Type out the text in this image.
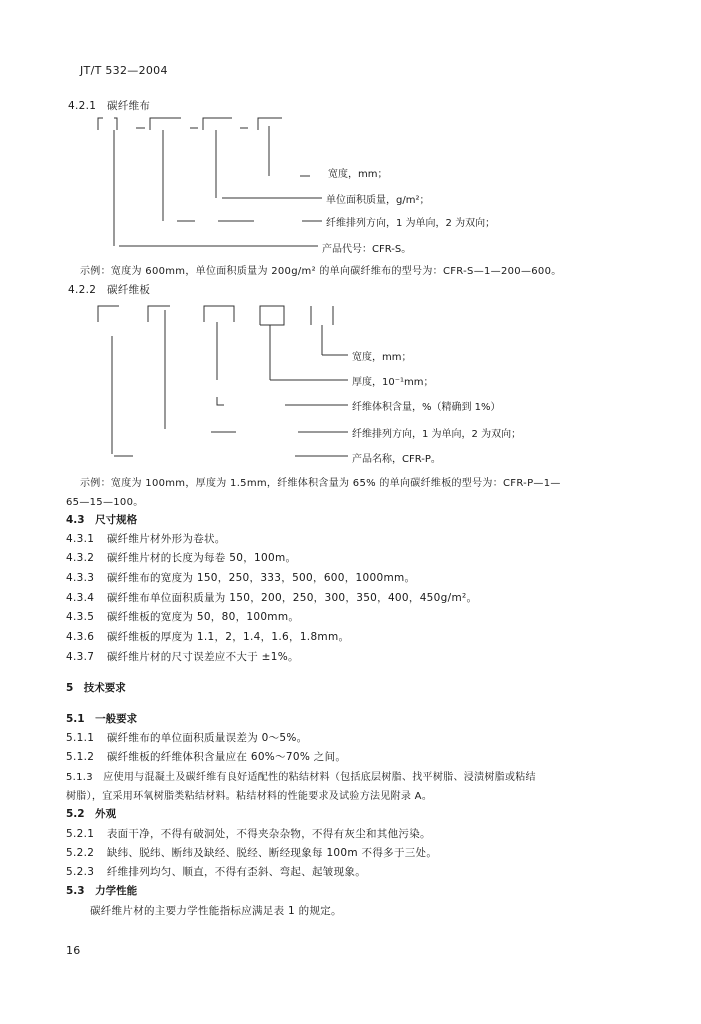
JT/T 532—2004
4.2.1　碳纤维布
宽度，mm；
单位面积质量，g/m²；
纤维排列方向，1 为单向，2 为双向；
产品代号：CFR-S。
示例：宽度为 600mm，单位面积质量为 200g/m² 的单向碳纤维布的型号为：CFR-S—1—200—600。
4.2.2　碳纤维板
宽度，mm；
厚度，10⁻¹mm；
纤维体积含量，%（精确到 1%）
纤维排列方向，1 为单向，2 为双向；
产品名称，CFR-P。
示例：宽度为 100mm，厚度为 1.5mm，纤维体积含量为 65% 的单向碳纤维板的型号为：CFR-P—1—
65—15—100。
4.3　尺寸规格
4.3.1　 碳纤维片材外形为卷状。
4.3.2　 碳纤维片材的长度为每卷 50，100m。
4.3.3　 碳纤维布的宽度为 150，250，333，500，600，1000mm。
4.3.4　 碳纤维布单位面积质量为 150，200，250，300，350，400，450g/m²。
4.3.5　 碳纤维板的宽度为 50，80，100mm。
4.3.6　 碳纤维板的厚度为 1.1，2，1.4，1.6，1.8mm。
4.3.7　 碳纤维片材的尺寸误差应不大于 ±1%。
5　技术要求
5.1　一般要求
5.1.1　 碳纤维布的单位面积质量误差为 0～5%。
5.1.2　 碳纤维板的纤维体积含量应在 60%～70% 之间。
5.1.3　应使用与混凝土及碳纤维有良好适配性的粘结材料（包括底层树脂、找平树脂、浸渍树脂或粘结
树脂），宜采用环氧树脂类粘结材料。粘结材料的性能要求及试验方法见附录 A。
5.2　外观
5.2.1　 表面干净，不得有破洞处，不得夹杂杂物，不得有灰尘和其他污染。
5.2.2　 缺纬、脱纬、断纬及缺经、脱经、断经现象每 100m 不得多于三处。
5.2.3　 纤维排列均匀、顺直，不得有歪斜、弯起、起皱现象。
5.3　力学性能
碳纤维片材的主要力学性能指标应满足表 1 的规定。
16
